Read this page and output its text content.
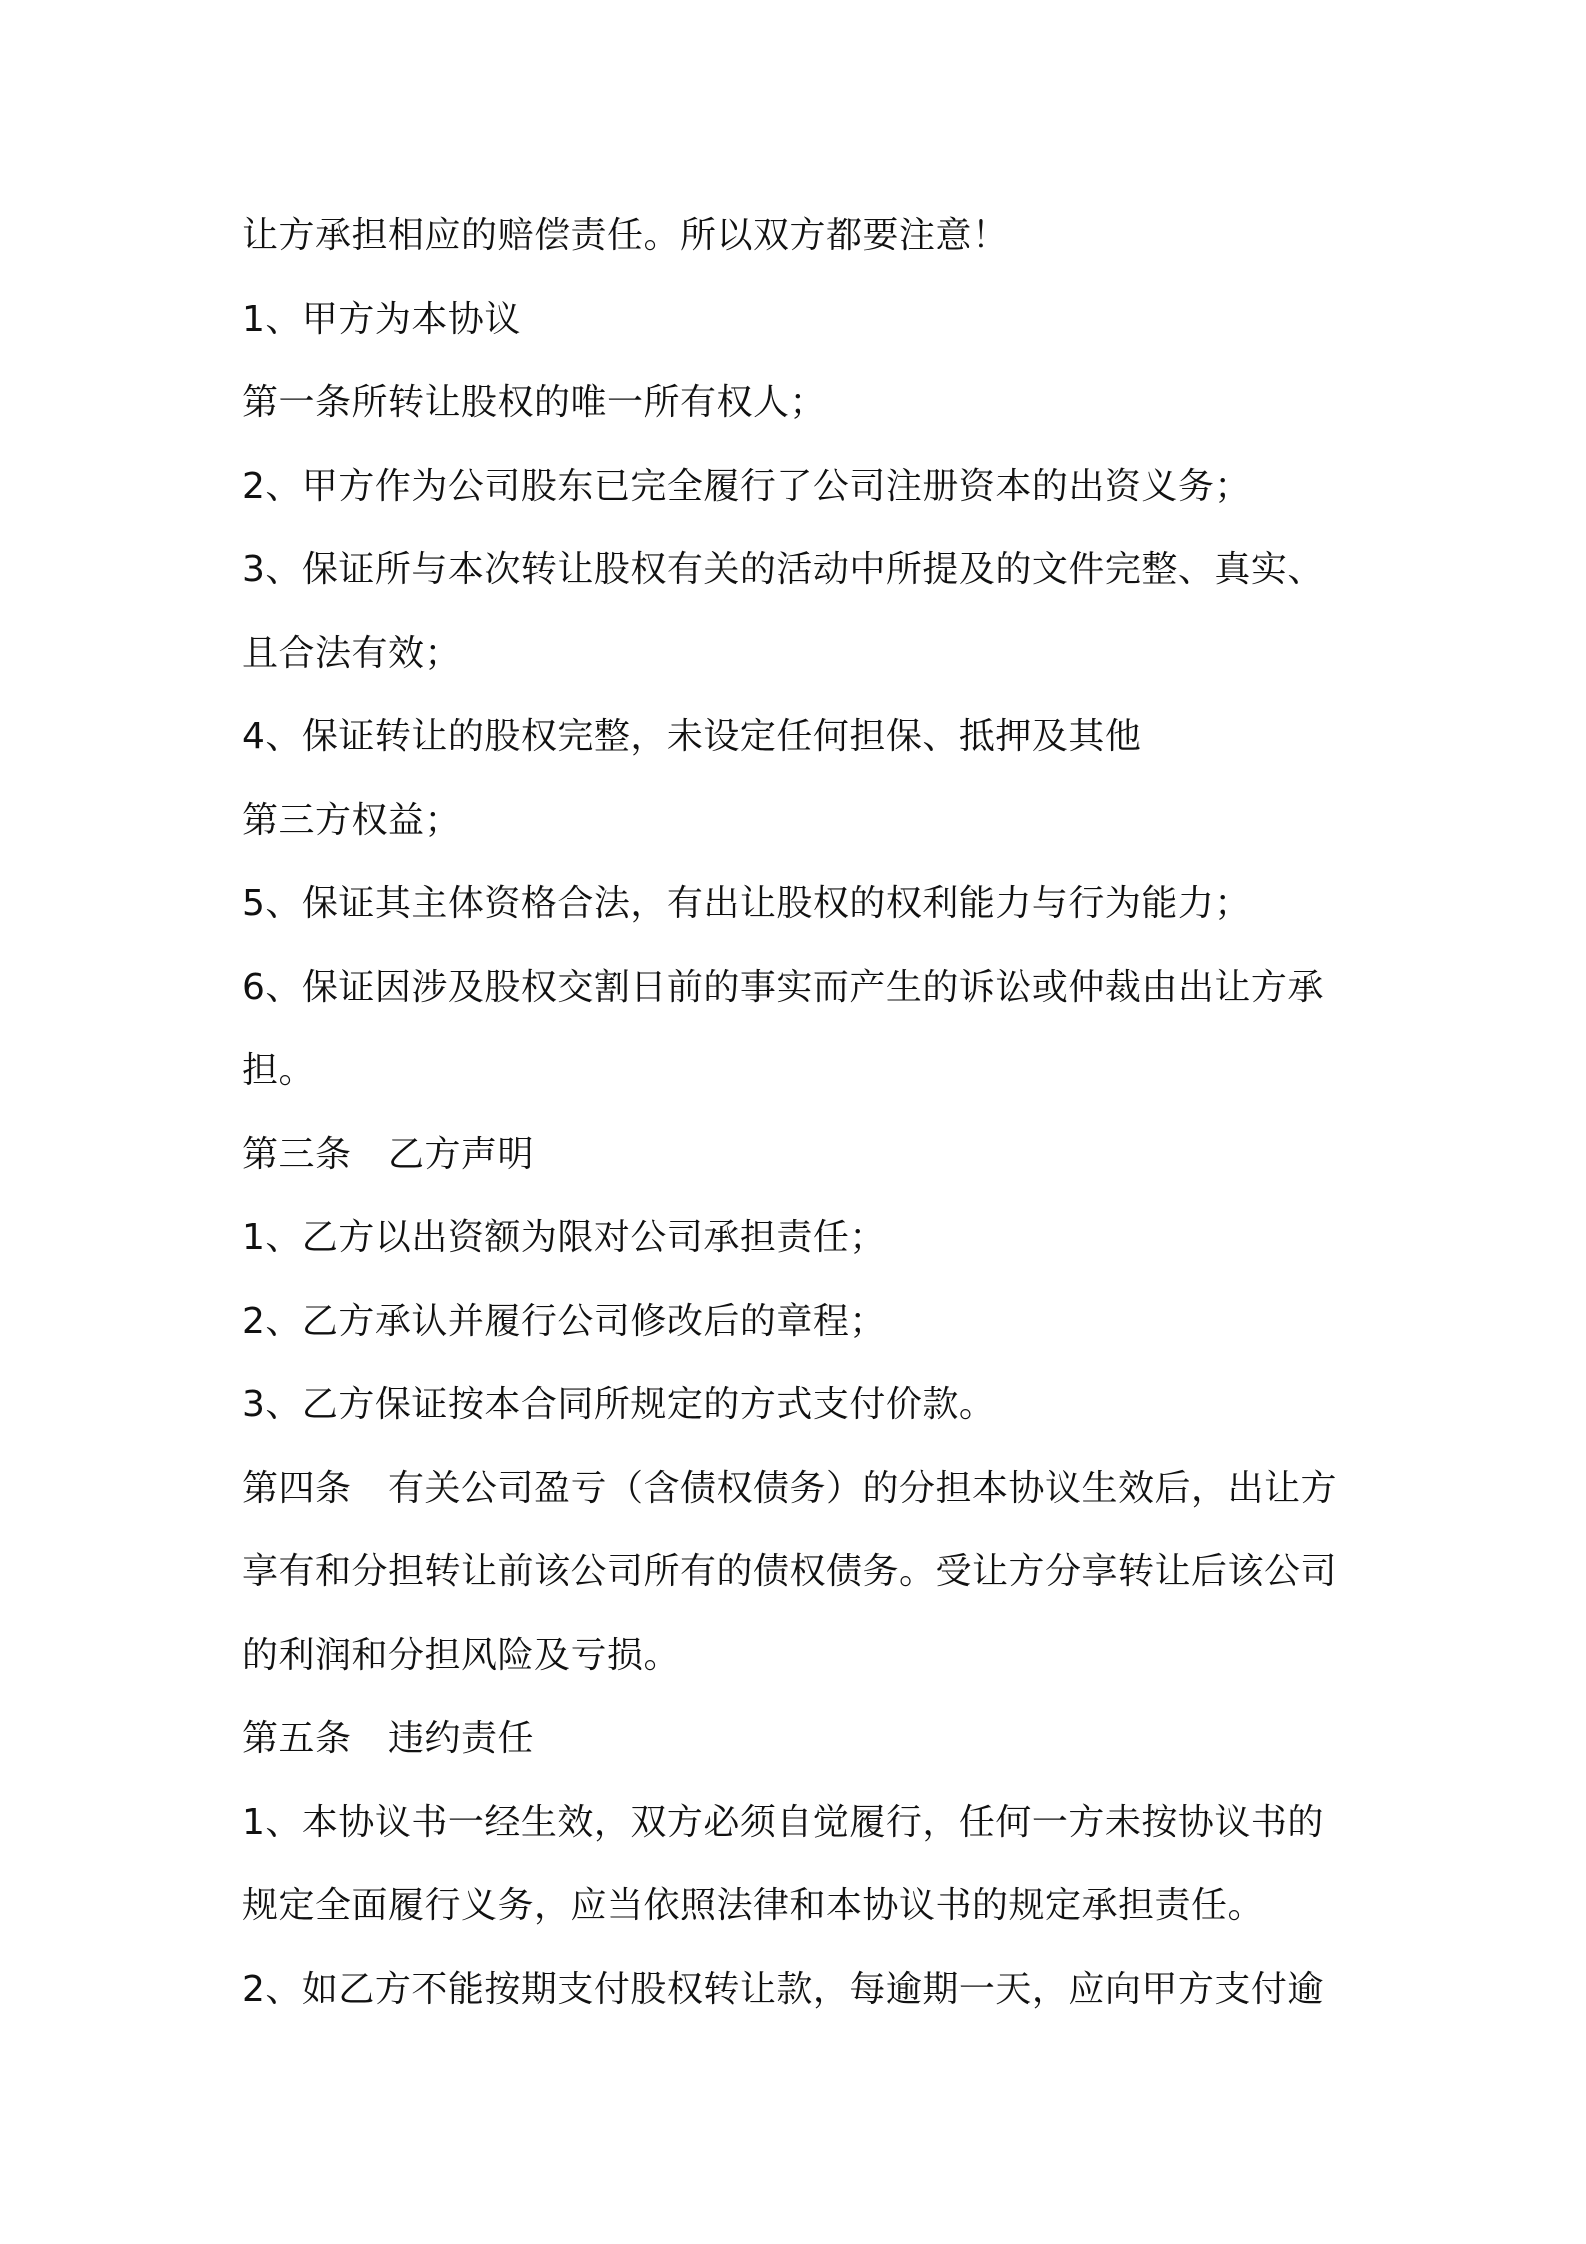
让方承担相应的赔偿责任。所以双方都要注意！
1、甲方为本协议
第一条所转让股权的唯一所有权人；
2、甲方作为公司股东已完全履行了公司注册资本的出资义务；
3、保证所与本次转让股权有关的活动中所提及的文件完整、真实、
且合法有效；
4、保证转让的股权完整，未设定任何担保、抵押及其他
第三方权益；
5、保证其主体资格合法，有出让股权的权利能力与行为能力；
6、保证因涉及股权交割日前的事实而产生的诉讼或仲裁由出让方承
担。
第三条　乙方声明
1、乙方以出资额为限对公司承担责任；
2、乙方承认并履行公司修改后的章程；
3、乙方保证按本合同所规定的方式支付价款。
第四条　有关公司盈亏（含债权债务）的分担本协议生效后，出让方
享有和分担转让前该公司所有的债权债务。受让方分享转让后该公司
的利润和分担风险及亏损。
第五条　违约责任
1、本协议书一经生效，双方必须自觉履行，任何一方未按协议书的
规定全面履行义务，应当依照法律和本协议书的规定承担责任。
2、如乙方不能按期支付股权转让款，每逾期一天，应向甲方支付逾
